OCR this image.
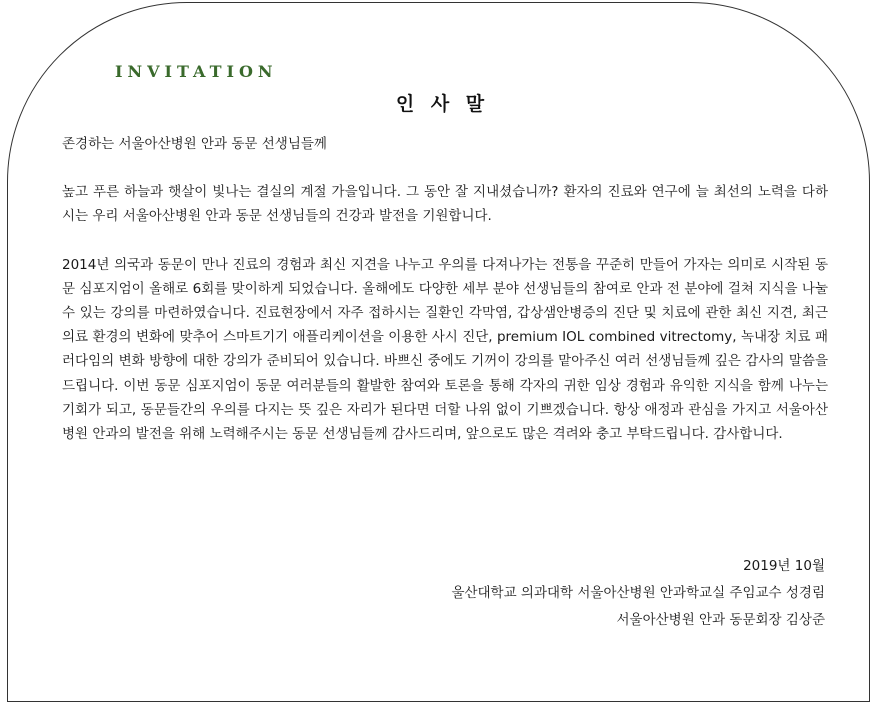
INVITATION
인 사 말

존경하는 서울아산병원 안과 동문 선생님들께

높고 푸른 하늘과 햇살이 빛나는 결실의 계절 가을입니다. 그 동안 잘 지내셨습니까? 환자의 진료와 연구에 늘 최선의 노력을 다하시는 우리 서울아산병원 안과 동문 선생님들의 건강과 발전을 기원합니다.

2014년 의국과 동문이 만나 진료의 경험과 최신 지견을 나누고 우의를 다져나가는 전통을 꾸준히 만들어 가자는 의미로 시작된 동문 심포지엄이 올해로 6회를 맞이하게 되었습니다. 올해에도 다양한 세부 분야 선생님들의 참여로 안과 전 분야에 걸쳐 지식을 나눌 수 있는 강의를 마련하였습니다. 진료현장에서 자주 접하시는 질환인 각막염, 갑상샘안병증의 진단 및 치료에 관한 최신 지견, 최근 의료 환경의 변화에 맞추어 스마트기기 애플리케이션을 이용한 사시 진단, premium IOL combined vitrectomy, 녹내장 치료 패러다임의 변화 방향에 대한 강의가 준비되어 있습니다. 바쁘신 중에도 기꺼이 강의를 맡아주신 여러 선생님들께 깊은 감사의 말씀을 드립니다. 이번 동문 심포지엄이 동문 여러분들의 활발한 참여와 토론을 통해 각자의 귀한 임상 경험과 유익한 지식을 함께 나누는 기회가 되고, 동문들간의 우의를 다지는 뜻 깊은 자리가 된다면 더할 나위 없이 기쁘겠습니다. 항상 애정과 관심을 가지고 서울아산병원 안과의 발전을 위해 노력해주시는 동문 선생님들께 감사드리며, 앞으로도 많은 격려와 충고 부탁드립니다. 감사합니다.

2019년 10월
울산대학교 의과대학 서울아산병원 안과학교실 주임교수 성경림
서울아산병원 안과 동문회장 김상준
